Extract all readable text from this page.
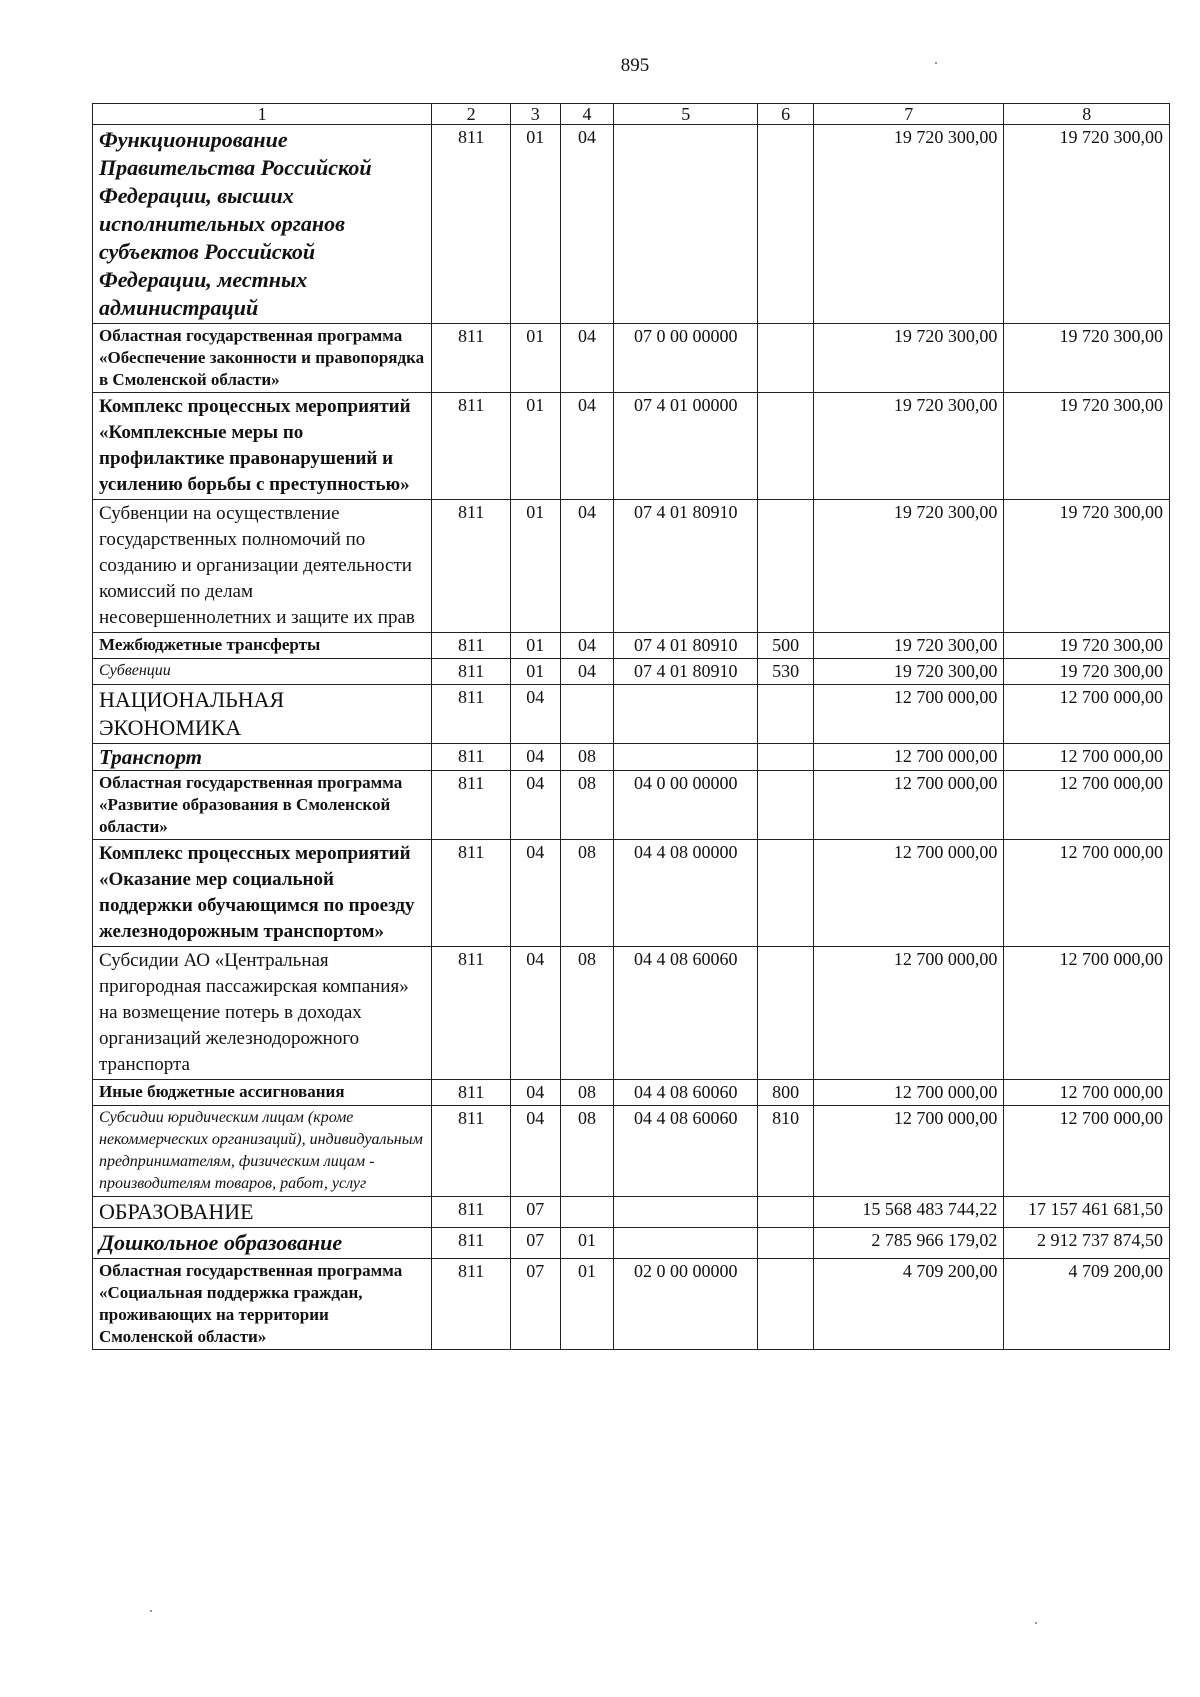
895
1	2	3	4	5	6	7	8
Функционирование Правительства Российской Федерации, высших исполнительных органов субъектов Российской Федерации, местных администраций	811	01	04			19 720 300,00	19 720 300,00
Областная государственная программа «Обеспечение законности и правопорядка в Смоленской области»	811	01	04	07 0 00 00000		19 720 300,00	19 720 300,00
Комплекс процессных мероприятий «Комплексные меры по профилактике правонарушений и усилению борьбы с преступностью»	811	01	04	07 4 01 00000		19 720 300,00	19 720 300,00
Субвенции на осуществление государственных полномочий по созданию и организации деятельности комиссий по делам несовершеннолетних и защите их прав	811	01	04	07 4 01 80910		19 720 300,00	19 720 300,00
Межбюджетные трансферты	811	01	04	07 4 01 80910	500	19 720 300,00	19 720 300,00
Субвенции	811	01	04	07 4 01 80910	530	19 720 300,00	19 720 300,00
НАЦИОНАЛЬНАЯ ЭКОНОМИКА	811	04				12 700 000,00	12 700 000,00
Транспорт	811	04	08			12 700 000,00	12 700 000,00
Областная государственная программа «Развитие образования в Смоленской области»	811	04	08	04 0 00 00000		12 700 000,00	12 700 000,00
Комплекс процессных мероприятий «Оказание мер социальной поддержки обучающимся по проезду железнодорожным транспортом»	811	04	08	04 4 08 00000		12 700 000,00	12 700 000,00
Субсидии АО «Центральная пригородная пассажирская компания» на возмещение потерь в доходах организаций железнодорожного транспорта	811	04	08	04 4 08 60060		12 700 000,00	12 700 000,00
Иные бюджетные ассигнования	811	04	08	04 4 08 60060	800	12 700 000,00	12 700 000,00
Субсидии юридическим лицам (кроме некоммерческих организаций), индивидуальным предпринимателям, физическим лицам - производителям товаров, работ, услуг	811	04	08	04 4 08 60060	810	12 700 000,00	12 700 000,00
ОБРАЗОВАНИЕ	811	07				15 568 483 744,22	17 157 461 681,50
Дошкольное образование	811	07	01			2 785 966 179,02	2 912 737 874,50
Областная государственная программа «Социальная поддержка граждан, проживающих на территории Смоленской области»	811	07	01	02 0 00 00000		4 709 200,00	4 709 200,00
